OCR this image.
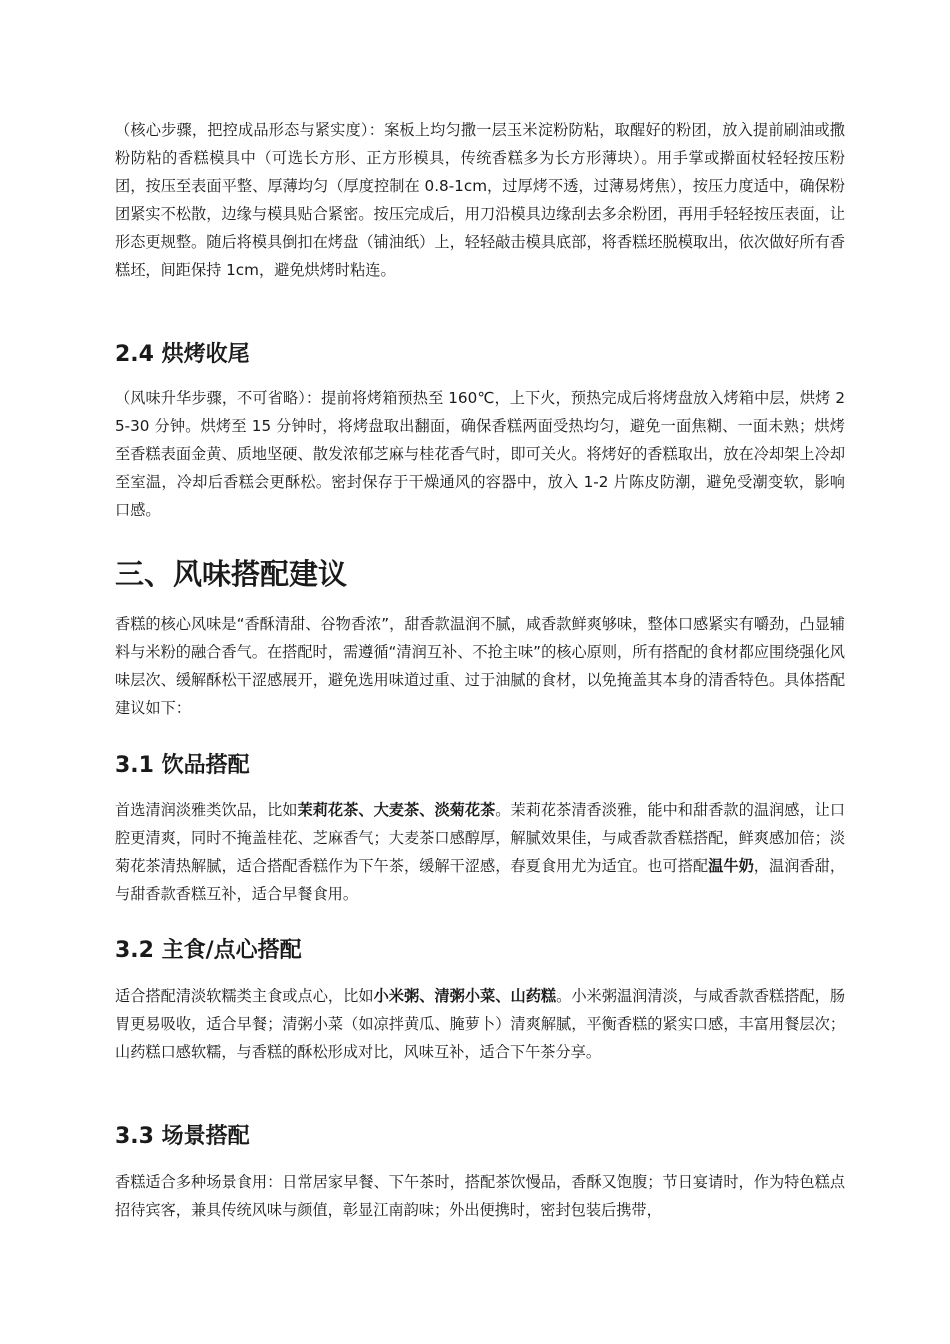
（核心步骤，把控成品形态与紧实度）：案板上均匀撒一层玉米淀粉防粘，取醒好的粉团，放入提前刷油或撒粉防粘的香糕模具中（可选长方形、正方形模具，传统香糕多为长方形薄块）。用手掌或擀面杖轻轻按压粉团，按压至表面平整、厚薄均匀（厚度控制在 0.8-1cm，过厚烤不透，过薄易烤焦），按压力度适中，确保粉团紧实不松散，边缘与模具贴合紧密。按压完成后，用刀沿模具边缘刮去多余粉团，再用手轻轻按压表面，让形态更规整。随后将模具倒扣在烤盘（铺油纸）上，轻轻敲击模具底部，将香糕坯脱模取出，依次做好所有香糕坯，间距保持 1cm，避免烘烤时粘连。

2.4 烘烤收尾

（风味升华步骤，不可省略）：提前将烤箱预热至 160℃，上下火，预热完成后将烤盘放入烤箱中层，烘烤 25-30 分钟。烘烤至 15 分钟时，将烤盘取出翻面，确保香糕两面受热均匀，避免一面焦糊、一面未熟；烘烤至香糕表面金黄、质地坚硬、散发浓郁芝麻与桂花香气时，即可关火。将烤好的香糕取出，放在冷却架上冷却至室温，冷却后香糕会更酥松。密封保存于干燥通风的容器中，放入 1-2 片陈皮防潮，避免受潮变软，影响口感。

三、风味搭配建议

香糕的核心风味是“香酥清甜、谷物香浓”，甜香款温润不腻，咸香款鲜爽够味，整体口感紧实有嚼劲，凸显辅料与米粉的融合香气。在搭配时，需遵循“清润互补、不抢主味”的核心原则，所有搭配的食材都应围绕强化风味层次、缓解酥松干涩感展开，避免选用味道过重、过于油腻的食材，以免掩盖其本身的清香特色。具体搭配建议如下：

3.1 饮品搭配

首选清润淡雅类饮品，比如茉莉花茶、大麦茶、淡菊花茶。茉莉花茶清香淡雅，能中和甜香款的温润感，让口腔更清爽，同时不掩盖桂花、芝麻香气；大麦茶口感醇厚，解腻效果佳，与咸香款香糕搭配，鲜爽感加倍；淡菊花茶清热解腻，适合搭配香糕作为下午茶，缓解干涩感，春夏食用尤为适宜。也可搭配温牛奶，温润香甜，与甜香款香糕互补，适合早餐食用。

3.2 主食/点心搭配

适合搭配清淡软糯类主食或点心，比如小米粥、清粥小菜、山药糕。小米粥温润清淡，与咸香款香糕搭配，肠胃更易吸收，适合早餐；清粥小菜（如凉拌黄瓜、腌萝卜）清爽解腻，平衡香糕的紧实口感，丰富用餐层次；山药糕口感软糯，与香糕的酥松形成对比，风味互补，适合下午茶分享。

3.3 场景搭配

香糕适合多种场景食用：日常居家早餐、下午茶时，搭配茶饮慢品，香酥又饱腹；节日宴请时，作为特色糕点招待宾客，兼具传统风味与颜值，彰显江南韵味；外出便携时，密封包装后携带，
